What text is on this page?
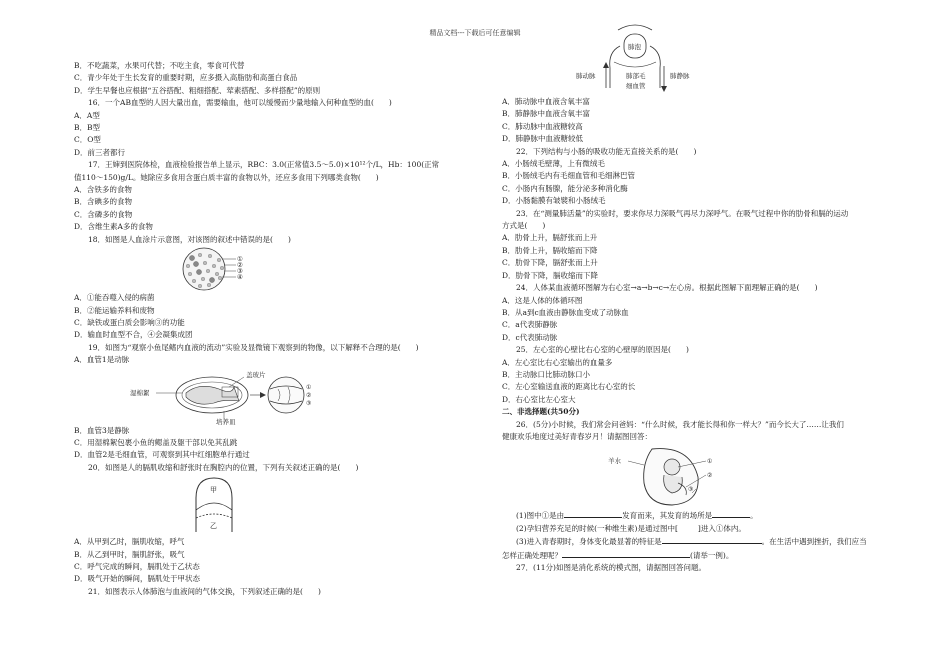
精品文档---下载后可任意编辑
B．不吃蔬菜，水果可代替；不吃主食，零食可代替
C．青少年处于生长发育的重要时期，应多摄入高脂肪和高蛋白食品
D．学生早餐也应根据“五谷搭配、粗细搭配、荤素搭配、多样搭配”的原则
16．一个AB血型的人因大量出血，需要输血，他可以缓慢而少量地输入何种血型的血(　　)
A．A型
B．B型
C．O型
D．前三者都行
17．王婶到医院体检，血液检验报告单上显示，RBC：3.0(正常值3.5～5.0)×10¹²个/L，Hb：100(正常
值110～150)g/L。她除应多食用含蛋白质丰富的食物以外，还应多食用下列哪类食物(　　)
A．含铁多的食物
B．含碘多的食物
C．含磷多的食物
D．含维生素A多的食物
18．如图是人血涂片示意图，对该图的叙述中错误的是(　　)
①
②
③
④
A．①能吞噬入侵的病菌
B．②能运输养料和废物
C．缺铁或蛋白质会影响③的功能
D．输血时血型不合，④会凝集成团
19．如图为“观察小鱼尾鳍内血液的流动”实验及显微镜下观察到的物像，以下解释不合理的是(　　)
A．血管1是动脉
湿棉絮
盖玻片
培养皿
①
②
③
B．血管3是静脉
C．用湿棉絮包裹小鱼的鳃盖及躯干部以免其乱跳
D．血管2是毛细血管，可观察到其中红细胞单行通过
20．如图是人的膈肌收缩和舒张时在胸腔内的位置，下列有关叙述正确的是(　　)
甲
乙
A．从甲到乙时，膈肌收缩，呼气
B．从乙到甲时，膈肌舒张，吸气
C．呼气完成的瞬间，膈肌处于乙状态
D．吸气开始的瞬间，膈肌处于甲状态
21．如图表示人体肺泡与血液间的气体交换，下列叙述正确的是(　　)
肺泡
肺动脉	肺部毛
细血管
肺静脉
A．肺动脉中血液含氧丰富
B．肺静脉中血液含氧丰富
C．肺动脉中血液糖较高
D．肺静脉中血液糖较低
22．下列结构与小肠的吸收功能无直接关系的是(　　)
A．小肠绒毛壁薄，上有微绒毛
B．小肠绒毛内有毛细血管和毛细淋巴管
C．小肠内有肠腺，能分泌多种消化酶
D．小肠黏膜有皱襞和小肠绒毛
23．在“测量肺活量”的实验时，要求你尽力深吸气再尽力深呼气。在吸气过程中你的肋骨和膈的运动
方式是(　　)
A．肋骨上升，膈舒张而上升
B．肋骨上升，膈收缩而下降
C．肋骨下降，膈舒张而上升
D．肋骨下降，膈收缩而下降
24．人体某血液循环图解为右心室→a→b→c→左心房。根据此图解下面理解正确的是(　　)
A．这是人体的体循环图
B．从a到c血液由静脉血变成了动脉血
C．a代表肺静脉
D．c代表肺动脉
25．左心室的心壁比右心室的心壁厚的原因是(　　)
A．左心室比右心室输出的血量多
B．主动脉口比肺动脉口小
C．左心室输送血液的距离比右心室的长
D．右心室比左心室大
二、非选择题(共50分)
26．(5分)小时候，我们常会问爸妈：“什么时候，我才能长得和你一样大？”而今长大了……让我们
健康欢乐地度过美好青春岁月！请据图回答：
羊水	①
②
③
(1)图中①是由	发育而来，其发育的场所是	。
(2)孕妇营养充足的时候(一种维生素)是通过图中[	]进入①体内。
(3)进入青春期时，身体变化最显著的特征是	。在生活中遇到挫折，我们应当
怎样正确处理呢？	(请举一例)。
27．(11分)如图是消化系统的模式图，请据图回答问题。
